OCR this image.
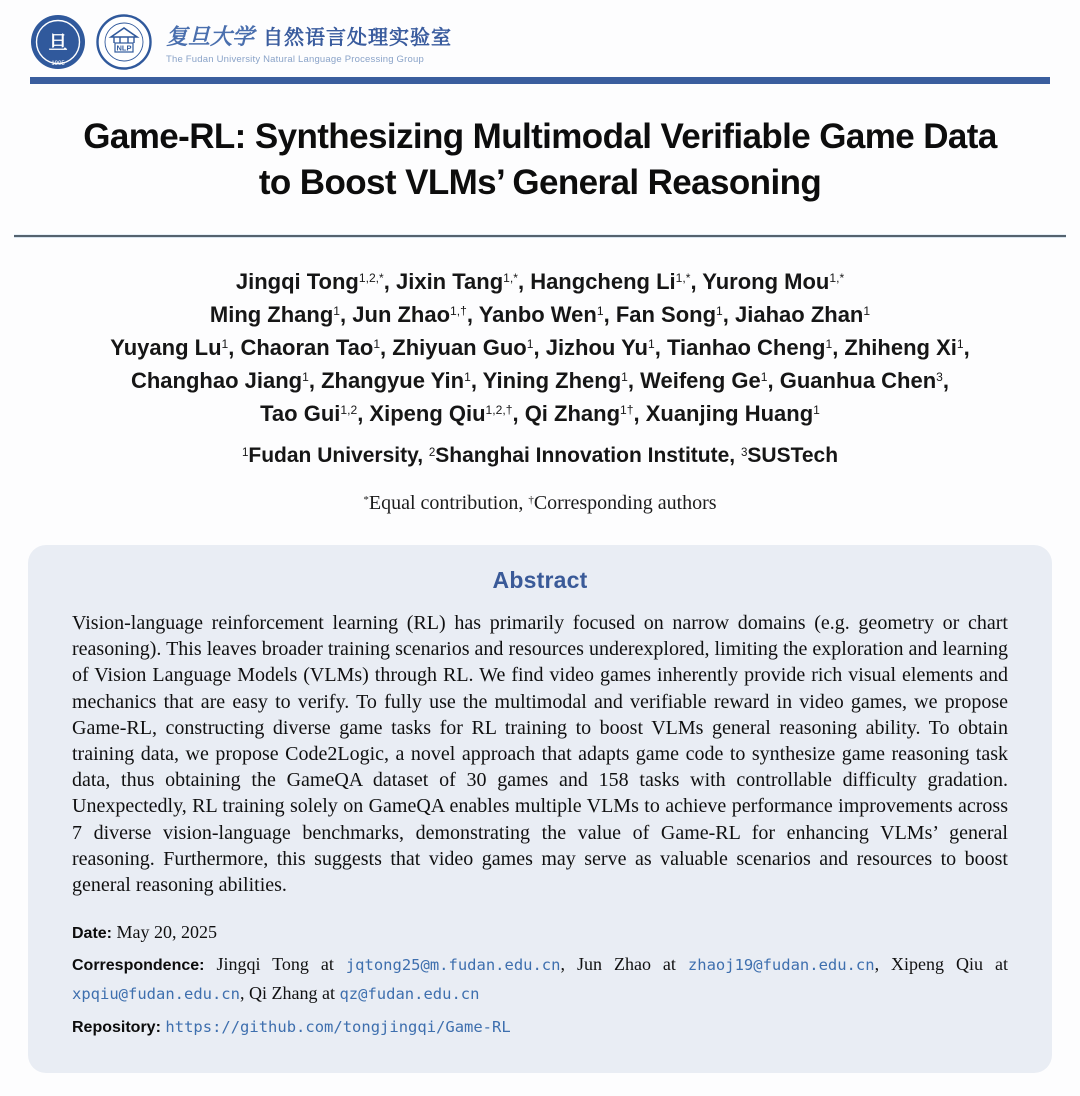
旦
1905
NLP 复旦大学 自然语言处理实验室
The Fudan University Natural Language Processing Group
Game-RL: Synthesizing Multimodal Verifiable Game Data
to Boost VLMs’ General Reasoning
Jingqi Tong$^{1,2,*}$, Jixin Tang$^{1,*}$, Hangcheng $Li^{1,*}$, Yurong Mou$^{1,*}$
Ming Zhang$^1$, Jun Zhao$^{1,\dagger}$, Yanbo Wen$^1$, Fan Song$^1$, Jiahao Zhan$^1$
Yuyang Lu$^1$, Chaoran Tao$^1$, Zhiyuan Guo$^1$, Jizhou Yu$^1$, Tianhao Cheng$^1$, Zhiheng Xi$^1$,
Changhao Jiang$^1$, Zhangyue Yin$^1$, Yining Zheng$^1$, Weifeng Ge$^1$, Guanhua Chen$^3$,
Tao Gui$^{1,2}$, Xipeng Qiu$^{1,2,\dagger}$, Qi Zhang$^{1\dagger}$, Xuanjing Huang$^1$
$^1$Fudan University, $^2$Shanghai Innovation Institute, $^3$SUSTech
*Equal contribution, †Corresponding authors
Abstract

Vision-language reinforcement learning (RL) has primarily focused on narrow domains (e.g. geometry or chart reasoning). This leaves broader training scenarios and resources underexplored, limiting the exploration and learning of Vision Language Models (VLMs) through RL. We find video games inherently provide rich visual elements and mechanics that are easy to verify. To fully use the multimodal and verifiable reward in video games, we propose Game-RL, constructing diverse game tasks for RL training to boost VLMs general reasoning ability. To obtain training data, we propose Code2Logic, a novel approach that adapts game code to synthesize game reasoning task data, thus obtaining the GameQA dataset of 30 games and 158 tasks with controllable difficulty gradation. Unexpectedly, RL training solely on GameQA enables multiple VLMs to achieve performance improvements across 7 diverse vision-language benchmarks, demonstrating the value of Game-RL for enhancing VLMs’ general reasoning. Furthermore, this suggests that video games may serve as valuable scenarios and resources to boost general reasoning abilities.

Date: May 20, 2025
Correspondence: Jingqi Tong at jqtong25@m.fudan.edu.cn, Jun Zhao at zhaoj19@fudan.edu.cn, Xipeng Qiu at xpqiu@fudan.edu.cn, Qi Zhang at qz@fudan.edu.cn
Repository: https://github.com/tongjingqi/Game-RL
